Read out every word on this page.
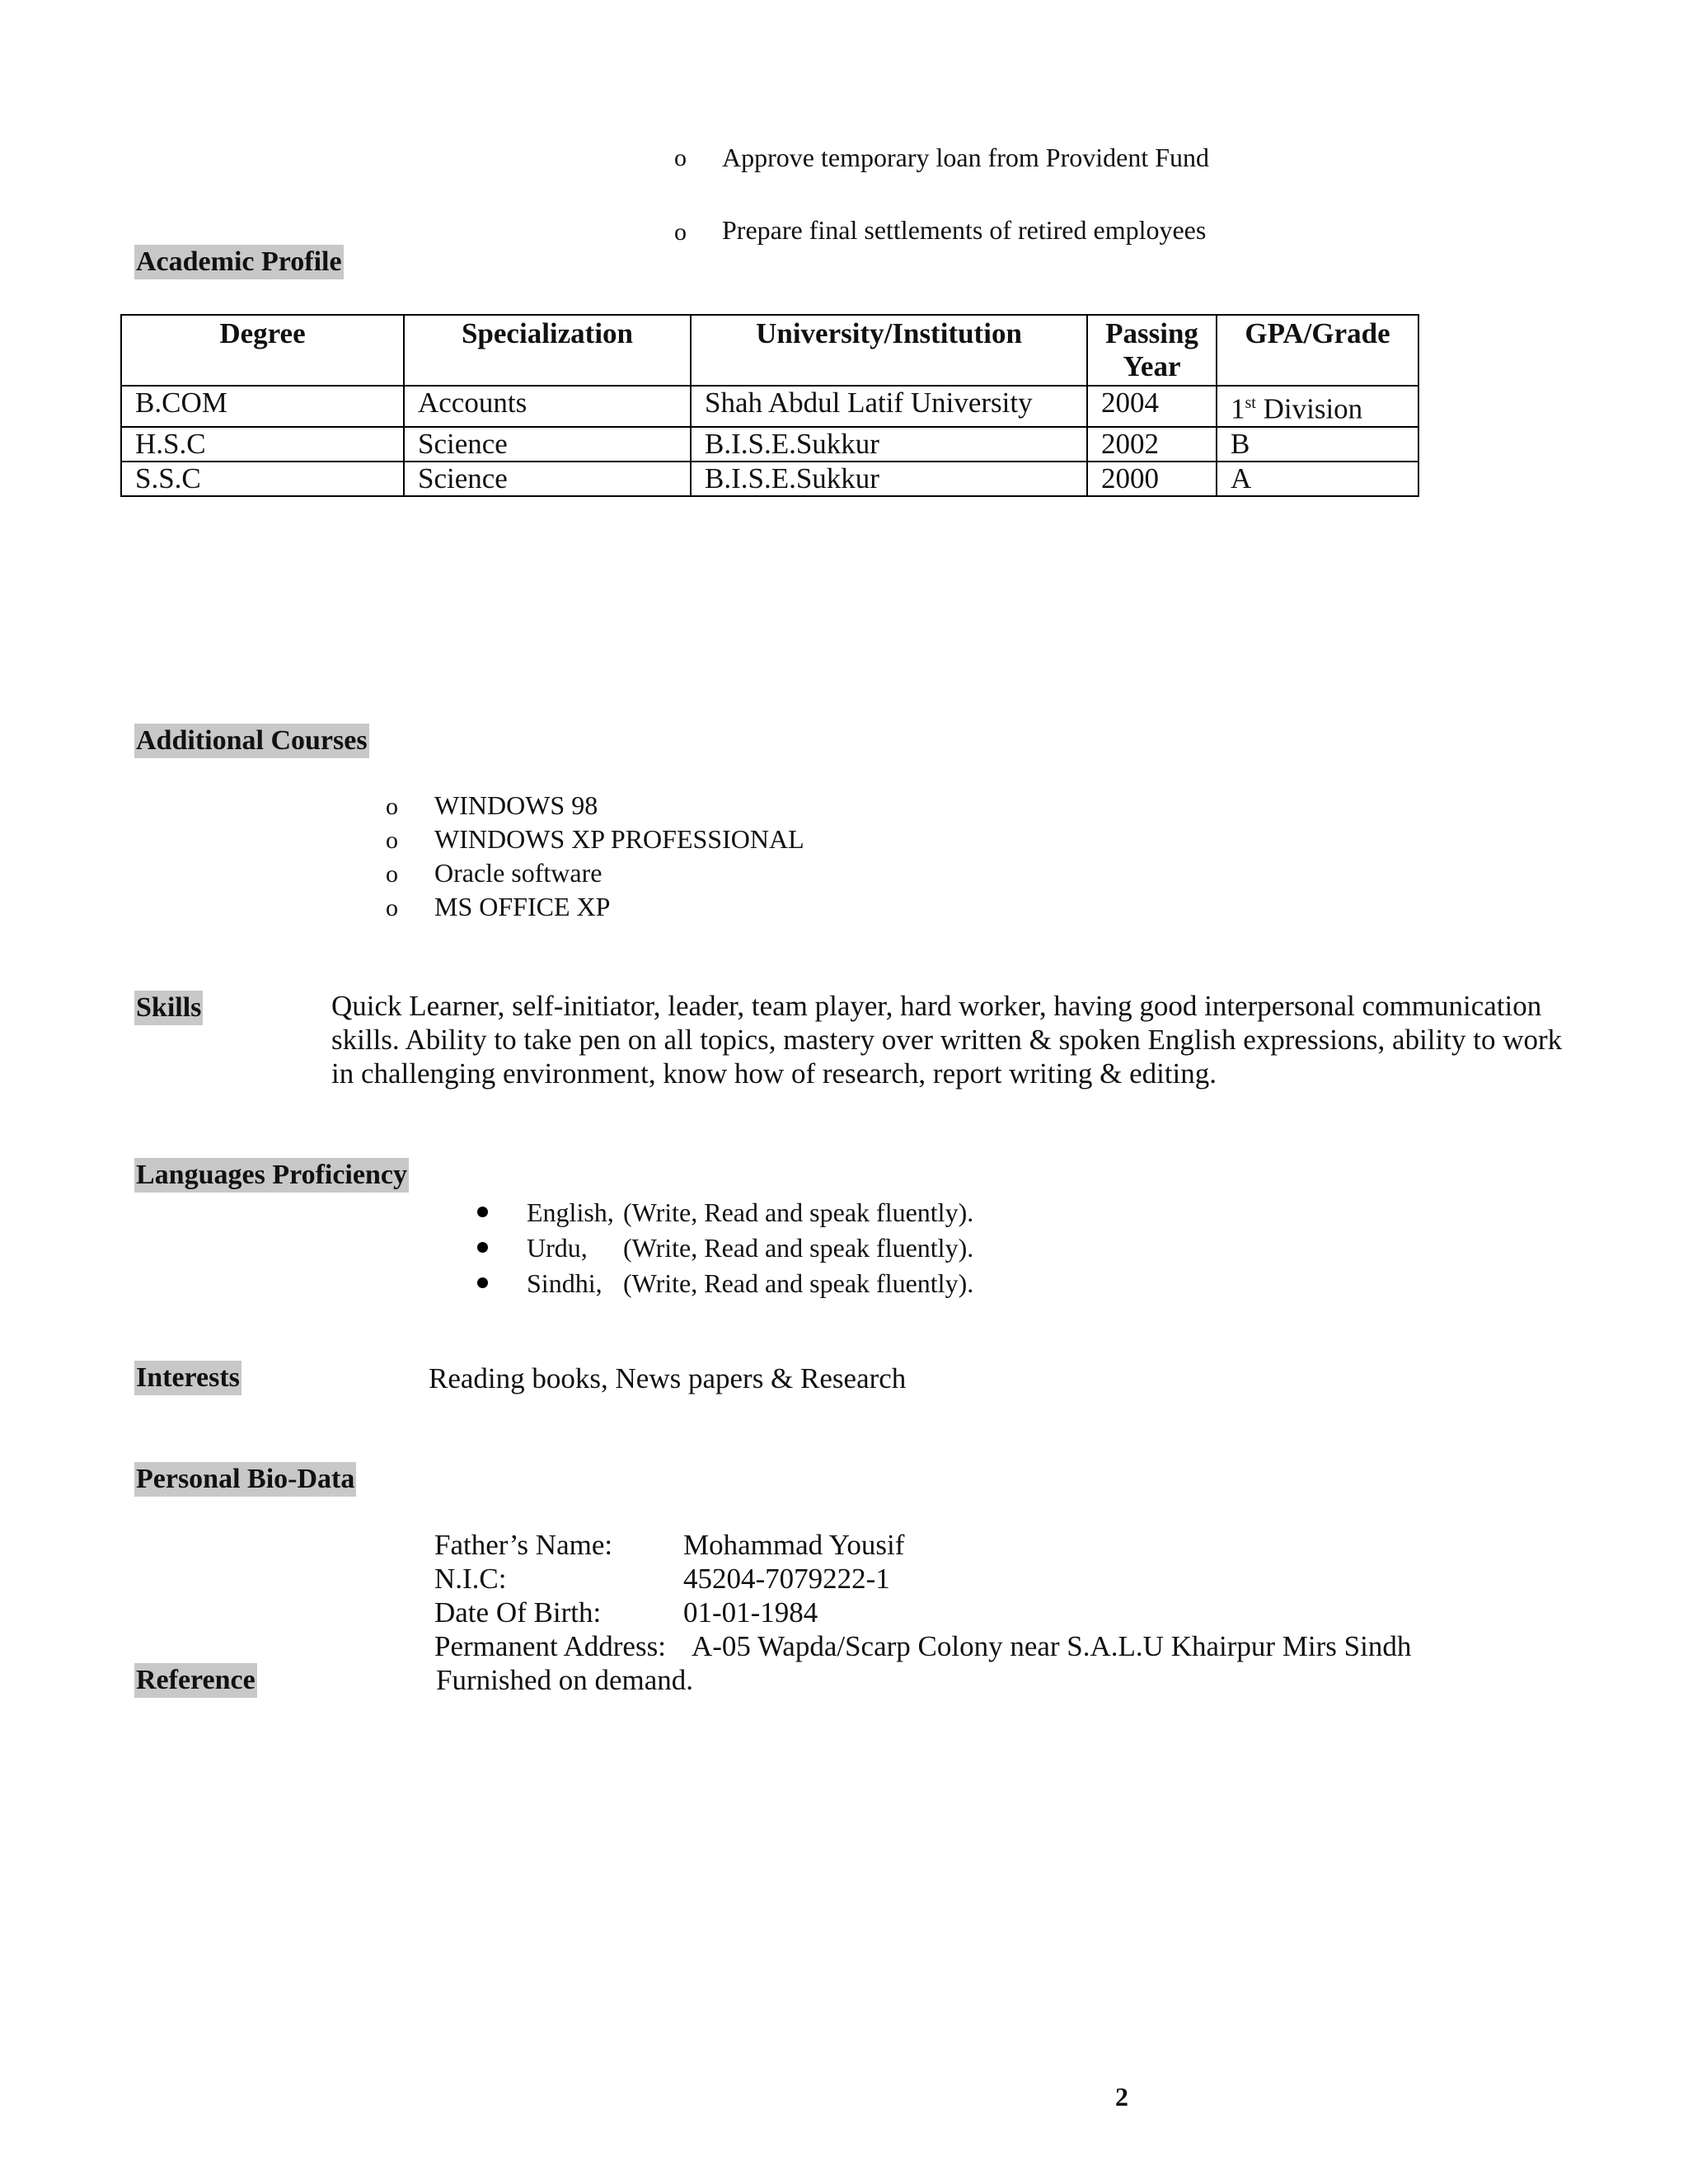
o Approve temporary loan from Provident Fund
o Prepare final settlements of retired employees
Academic Profile
Degree	Specialization	University/Institution	Passing Year	GPA/Grade
B.COM	Accounts	Shah Abdul Latif University	2004	1st Division
H.S.C	Science	B.I.S.E.Sukkur	2002	B
S.S.C	Science	B.I.S.E.Sukkur	2000	A
Additional Courses
o WINDOWS 98
o WINDOWS XP PROFESSIONAL
o Oracle software
o MS OFFICE XP
Skills	Quick Learner, self-initiator, leader, team player, hard worker, having good interpersonal communication
skills. Ability to take pen on all topics, mastery over written & spoken English expressions, ability to work
in challenging environment, know how of research, report writing & editing.
Languages Proficiency
English, (Write, Read and speak fluently).
Urdu, (Write, Read and speak fluently).
Sindhi, (Write, Read and speak fluently).
Interests	Reading books, News papers & Research
Personal Bio-Data
Father’s Name: Mohammad Yousif
N.I.C:	45204-7079222-1
Date Of Birth:	01-01-1984
Permanent Address: A-05 Wapda/Scarp Colony near S.A.L.U Khairpur Mirs Sindh
Reference	Furnished on demand.
2
